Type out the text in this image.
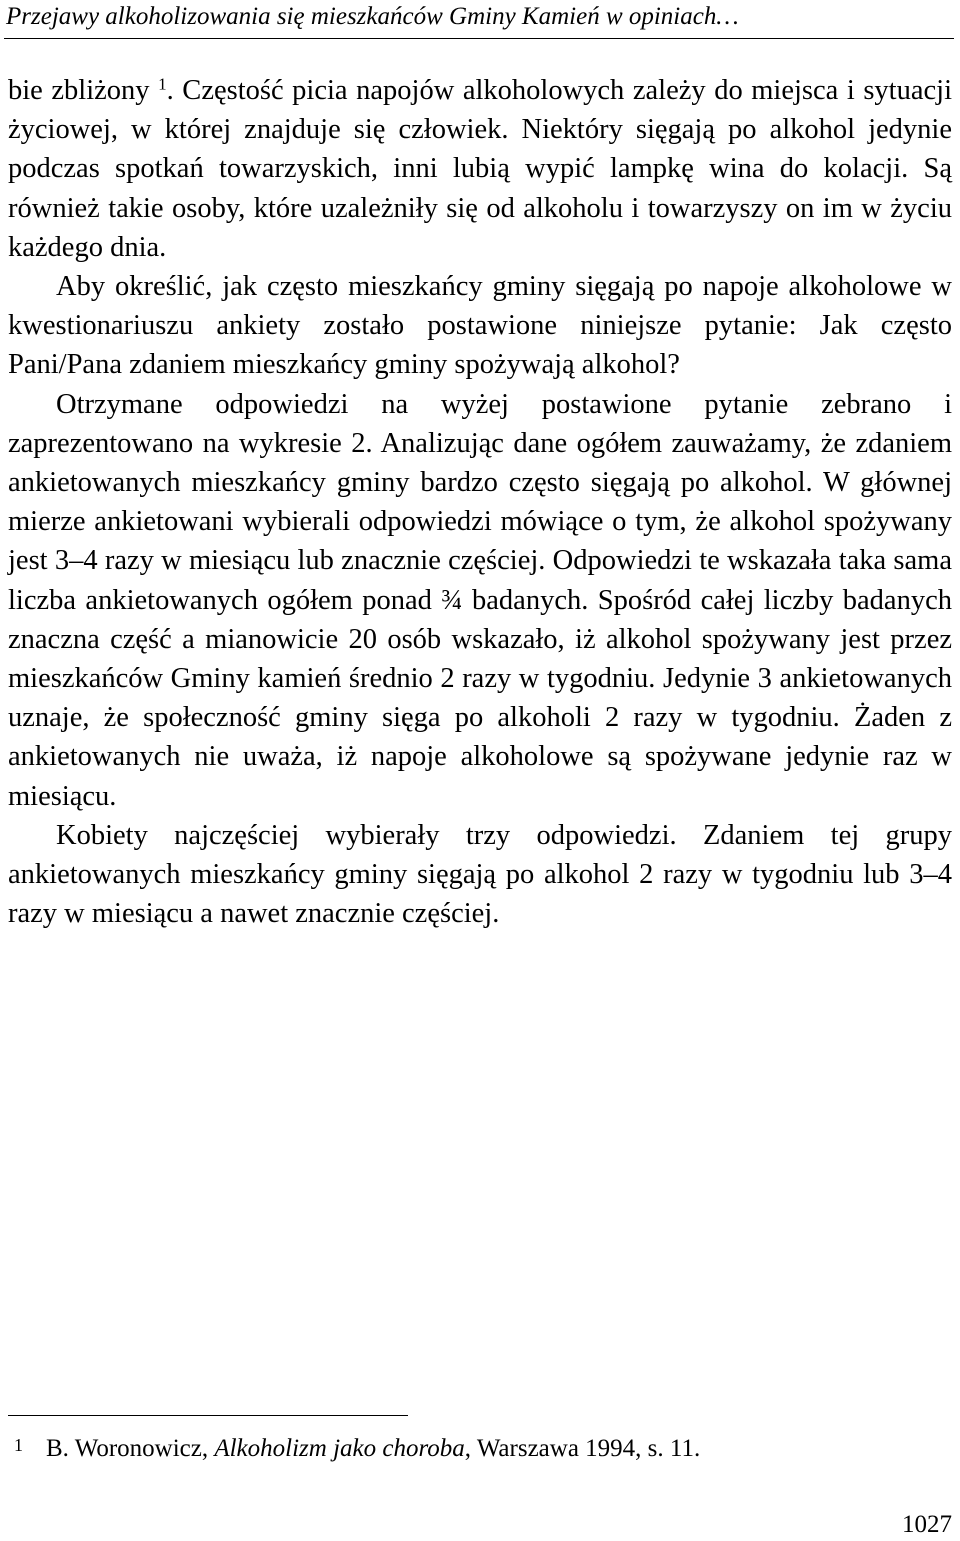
Przejawy alkoholizowania się mieszkańców Gminy Kamień w opiniach…

bie zbliżony $^1$. Częstość picia napojów alkoholowych zależy do miejsca i sytuacji życiowej, w której znajduje się człowiek. Niektóry sięgają po alkohol jedynie podczas spotkań towarzyskich, inni lubią wypić lampkę wina do kolacji. Są również takie osoby, które uzależniły się od alkoholu i towarzyszy on im w życiu każdego dnia.

Aby określić, jak często mieszkańcy gminy sięgają po napoje alkoholowe w kwestionariuszu ankiety zostało postawione niniejsze pytanie: Jak często Pani/Pana zdaniem mieszkańcy gminy spożywają alkohol?

Otrzymane odpowiedzi na wyżej postawione pytanie zebrano i zaprezentowano na wykresie 2. Analizując dane ogółem zauważamy, że zdaniem ankietowanych mieszkańcy gminy bardzo często sięgają po alkohol. W głównej mierze ankietowani wybierali odpowiedzi mówiące o tym, że alkohol spożywany jest 3–4 razy w miesiącu lub znacznie częściej. Odpowiedzi te wskazała taka sama liczba ankietowanych ogółem ponad ¾ badanych. Spośród całej liczby badanych znaczna część a mianowicie 20 osób wskazało, iż alkohol spożywany jest przez mieszkańców Gminy kamień średnio 2 razy w tygodniu. Jedynie 3 ankietowanych uznaje, że społeczność gminy sięga po alkoholi 2 razy w tygodniu. Żaden z ankietowanych nie uważa, iż napoje alkoholowe są spożywane jedynie raz w miesiącu.

Kobiety najczęściej wybierały trzy odpowiedzi. Zdaniem tej grupy ankietowanych mieszkańcy gminy sięgają po alkohol 2 razy w tygodniu lub 3–4 razy w miesiącu a nawet znacznie częściej.

1 B. Woronowicz, Alkoholizm jako choroba, Warszawa 1994, s. 11.
1027
